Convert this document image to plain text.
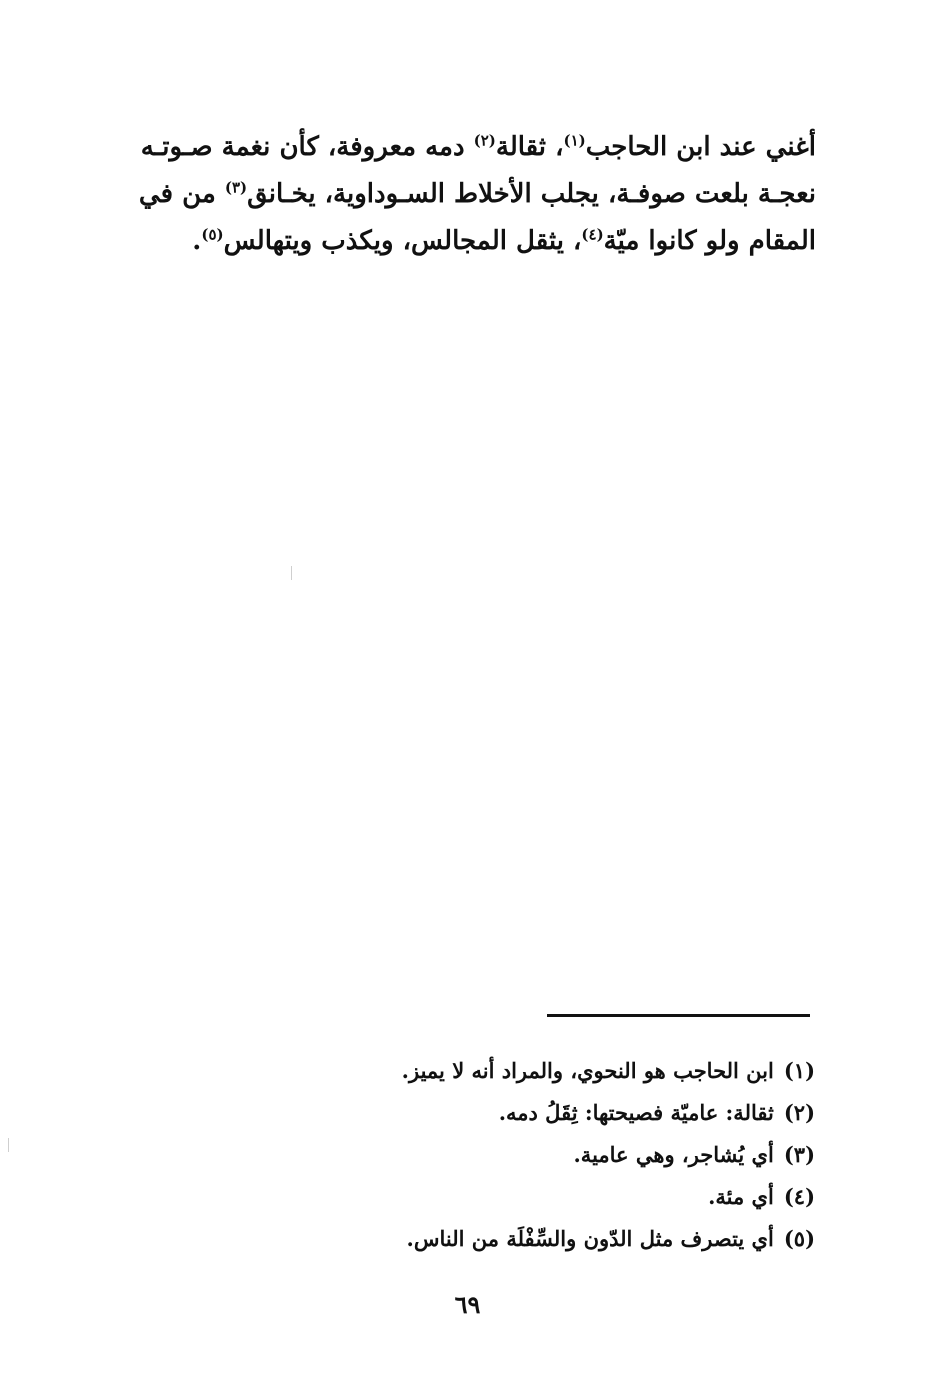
أغني عند ابن الحاجب$^{(١)}$، ثقالة$^{(٢)}$ دمه معروفة، كأن نغمة صـوتـه
نعجـة بلعت صوفـة، يجلب الأخلاط السـوداوية، يخـانق$^{(٣)}$ من في
المقام ولو كانوا ميّة$^{(٤)}$، يثقل المجالس، ويكذب ويتهالس$^{(٥)}$.
(١)ابن الحاجب هو النحوي، والمراد أنه لا يميز.
(٢)ثقالة: عاميّة فصيحتها: ثِقَلُ دمه.
(٣)أي يُشاجر، وهي عامية.
(٤)أي مئة.
(٥)أي يتصرف مثل الدّون والسِّفْلَة من الناس.
٦٩
